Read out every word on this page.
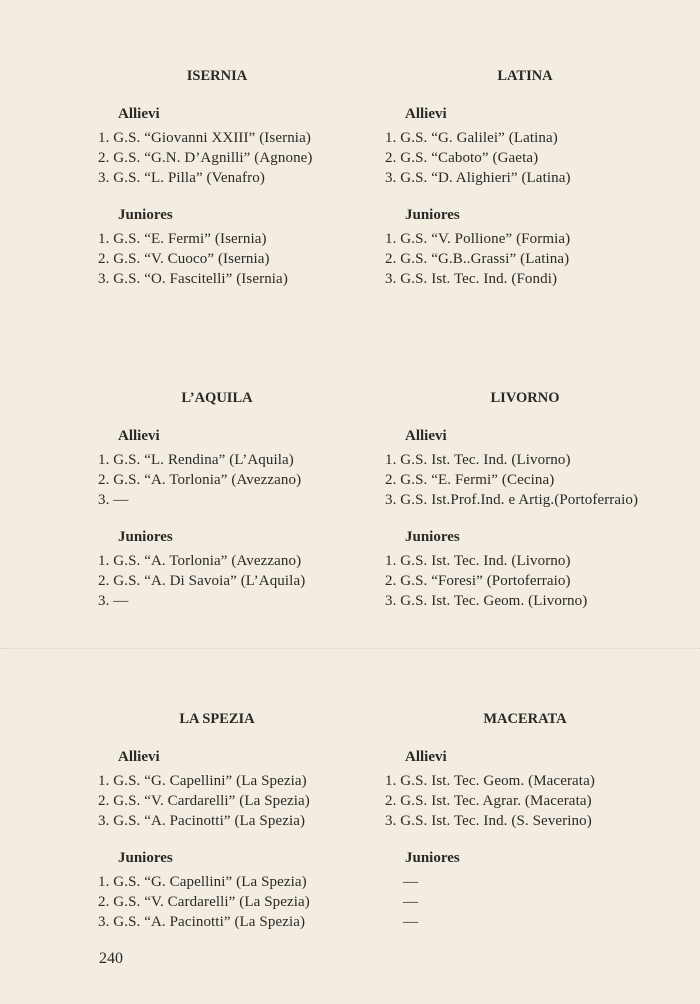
ISERNIA
Allievi
1. G.S. “Giovanni XXIII” (Isernia)
2. G.S. “G.N. D’Agnilli” (Agnone)
3. G.S. “L. Pilla” (Venafro)
Juniores
1. G.S. “E. Fermi” (Isernia)
2. G.S. “V. Cuoco” (Isernia)
3. G.S. “O. Fascitelli” (Isernia)
LATINA
Allievi
1. G.S. “G. Galilei” (Latina)
2. G.S. “Caboto” (Gaeta)
3. G.S. “D. Alighieri” (Latina)
Juniores
1. G.S. “V. Pollione” (Formia)
2. G.S. “G.B..Grassi” (Latina)
3. G.S. Ist. Tec. Ind. (Fondi)
L’AQUILA
Allievi
1. G.S. “L. Rendina” (L’Aquila)
2. G.S. “A. Torlonia” (Avezzano)
3. ––
Juniores
1. G.S. “A. Torlonia” (Avezzano)
2. G.S. “A. Di Savoia” (L’Aquila)
3. ––
LIVORNO
Allievi
1. G.S. Ist. Tec. Ind. (Livorno)
2. G.S. “E. Fermi” (Cecina)
3. G.S. Ist.Prof.Ind. e Artig.(Portoferraio)
Juniores
1. G.S. Ist. Tec. Ind. (Livorno)
2. G.S. “Foresi” (Portoferraio)
3. G.S. Ist. Tec. Geom. (Livorno)
LA SPEZIA
Allievi
1. G.S. “G. Capellini” (La Spezia)
2. G.S. “V. Cardarelli” (La Spezia)
3. G.S. “A. Pacinotti” (La Spezia)
Juniores
1. G.S. “G. Capellini” (La Spezia)
2. G.S. “V. Cardarelli” (La Spezia)
3. G.S. “A. Pacinotti” (La Spezia)
MACERATA
Allievi
1. G.S. Ist. Tec. Geom. (Macerata)
2. G.S. Ist. Tec. Agrar. (Macerata)
3. G.S. Ist. Tec. Ind. (S. Severino)
Juniores
––
––
––
240
